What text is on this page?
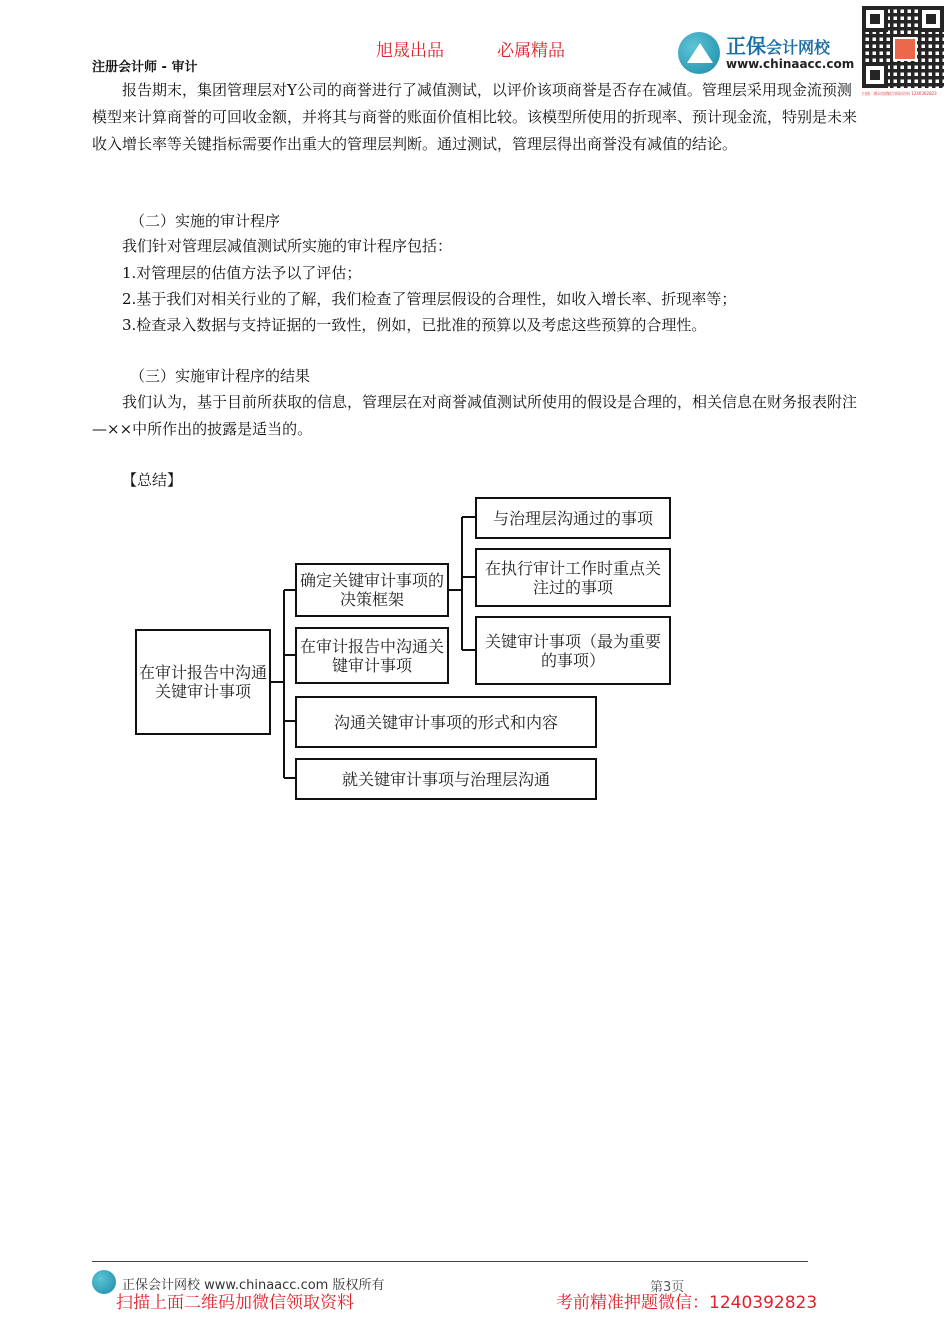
旭晟出品	必属精品
注册会计师 - 审计
正保会计网校
www.chinaacc.com
扫描二维码加微信领取资料 1240392823

报告期末，集团管理层对Y公司的商誉进行了减值测试，以评价该项商誉是否存在减值。管理层采用现金流预测模型来计算商誉的可回收金额，并将其与商誉的账面价值相比较。该模型所使用的折现率、预计现金流，特别是未来收入增长率等关键指标需要作出重大的管理层判断。通过测试，管理层得出商誉没有减值的结论。

（二）实施的审计程序
我们针对管理层减值测试所实施的审计程序包括：
1.对管理层的估值方法予以了评估；
2.基于我们对相关行业的了解，我们检查了管理层假设的合理性，如收入增长率、折现率等；
3.检查录入数据与支持证据的一致性，例如，已批准的预算以及考虑这些预算的合理性。
（三）实施审计程序的结果

我们认为，基于目前所获取的信息，管理层在对商誉减值测试所使用的假设是合理的，相关信息在财务报表附注—××中所作出的披露是适当的。

【总结】
在审计报告中沟通关键审计事项
确定关键审计事项的决策框架
在审计报告中沟通关键审计事项
沟通关键审计事项的形式和内容
就关键审计事项与治理层沟通
与治理层沟通过的事项
在执行审计工作时重点关注过的事项
关键审计事项（最为重要的事项）
正保会计网校 www.chinaacc.com 版权所有	第3页
扫描上面二维码加微信领取资料	考前精准押题微信：1240392823
